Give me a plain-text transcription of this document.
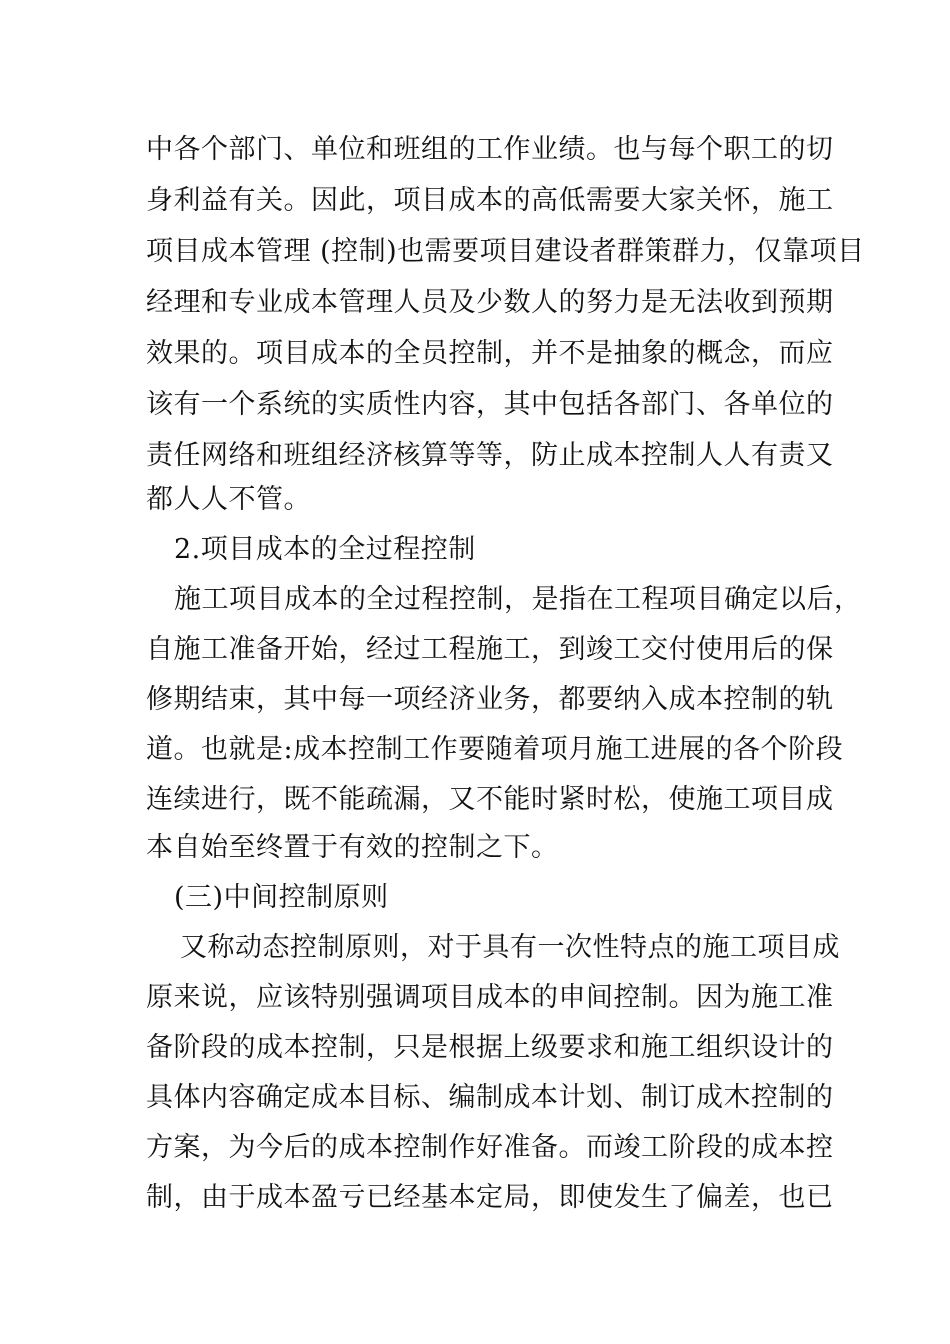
中各个部门、单位和班组的工作业绩。也与每个职工的切
身利益有关。因此，项目成本的高低需要大家关怀，施工
项目成本管理 (控制)也需要项目建设者群策群力，仅靠项目
经理和专业成本管理人员及少数人的努力是无法收到预期
效果的。项目成本的全员控制，并不是抽象的概念，而应
该有一个系统的实质性内容，其中包括各部门、各单位的
责任网络和班组经济核算等等，防止成本控制人人有责又
都人人不管。
2.项目成本的全过程控制
施工项目成本的全过程控制，是指在工程项目确定以后，
自施工准备开始，经过工程施工，到竣工交付使用后的保
修期结束，其中每一项经济业务，都要纳入成本控制的轨
道。也就是:成本控制工作要随着项月施工进展的各个阶段
连续进行，既不能疏漏，又不能时紧时松，使施工项目成
本自始至终置于有效的控制之下。
(三)中间控制原则
又称动态控制原则，对于具有一次性特点的施工项目成
原来说，应该特别强调项目成本的申间控制。因为施工准
备阶段的成本控制，只是根据上级要求和施工组织设计的
具体内容确定成本目标、编制成本计划、制订成木控制的
方案，为今后的成本控制作好准备。而竣工阶段的成本控
制，由于成本盈亏已经基本定局，即使发生了偏差，也已
